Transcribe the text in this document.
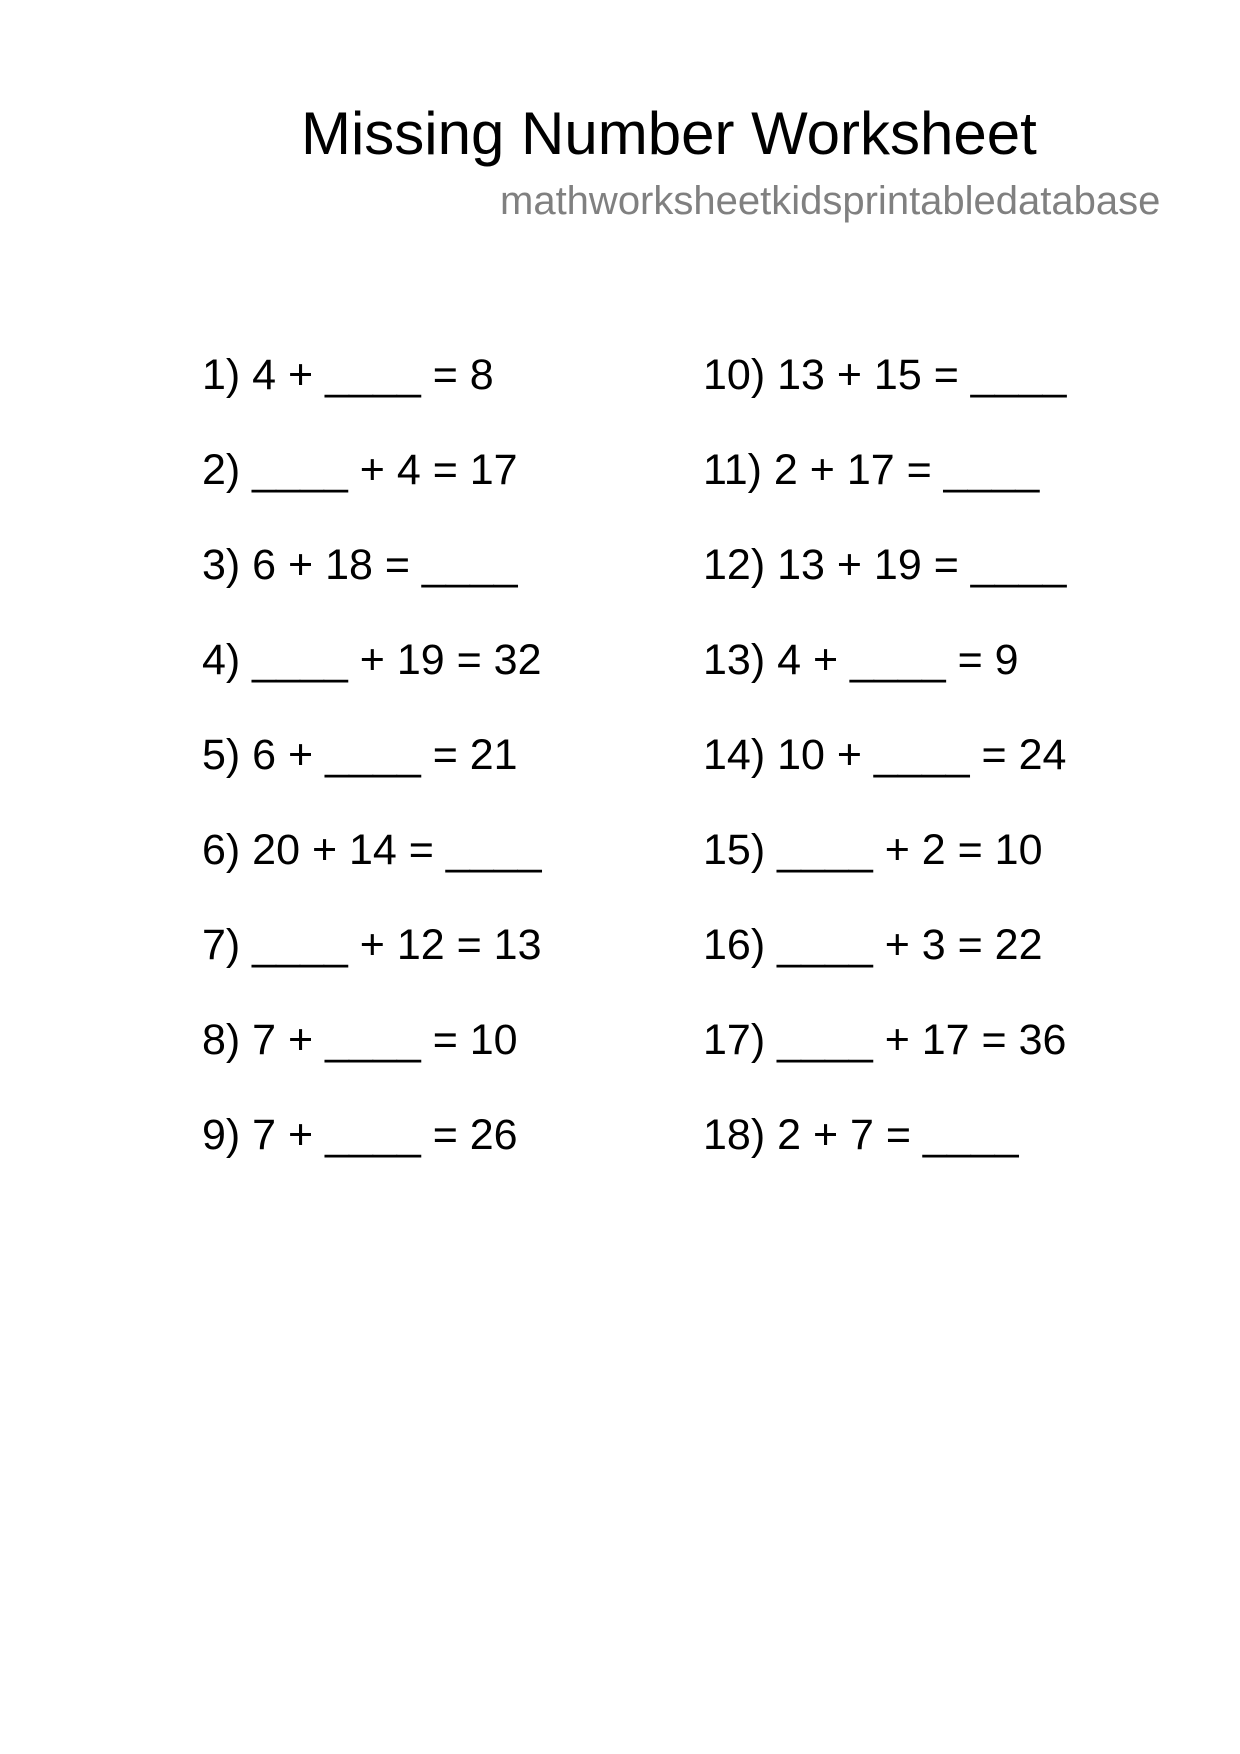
Missing Number Worksheet
mathworksheetkidsprintabledatabase
1) 4 + ____ = 8
2) ____ + 4 = 17
3) 6 + 18 = ____
4) ____ + 19 = 32
5) 6 + ____ = 21
6) 20 + 14 = ____
7) ____ + 12 = 13
8) 7 + ____ = 10
9) 7 + ____ = 26
10) 13 + 15 = ____
11) 2 + 17 = ____
12) 13 + 19 = ____
13) 4 + ____ = 9
14) 10 + ____ = 24
15) ____ + 2 = 10
16) ____ + 3 = 22
17) ____ + 17 = 36
18) 2 + 7 = ____
